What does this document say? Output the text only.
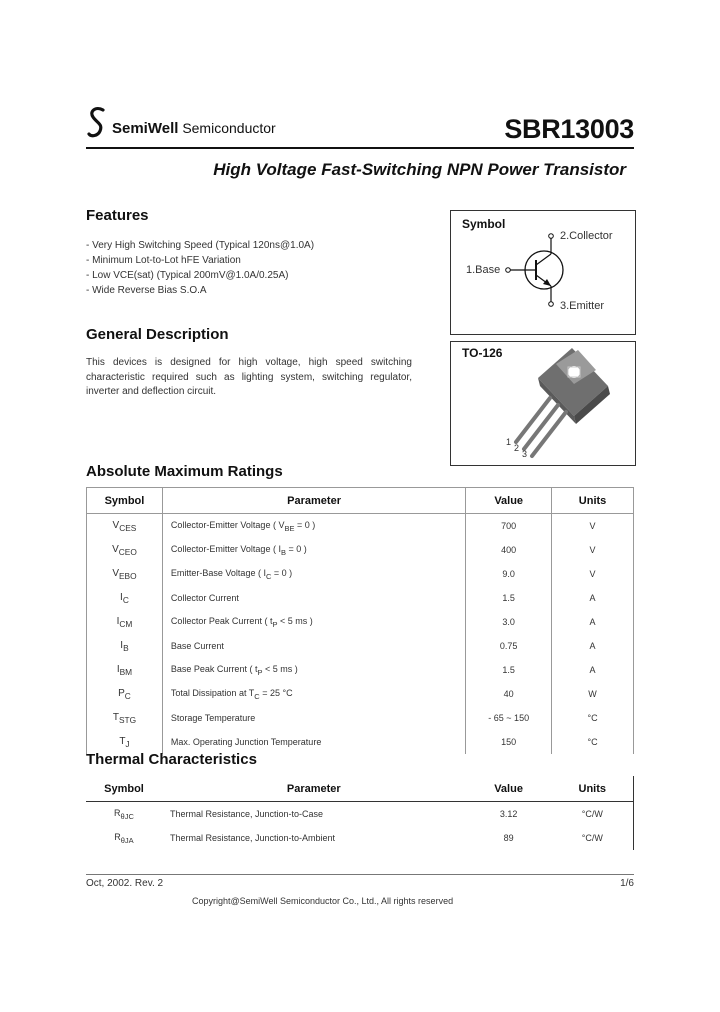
SemiWell Semiconductor	SBR13003
High Voltage Fast-Switching NPN Power Transistor
Features
- Very High Switching Speed (Typical 120ns@1.0A)
- Minimum Lot-to-Lot hFE Variation
- Low VCE(sat) (Typical 200mV@1.0A/0.25A)
- Wide Reverse Bias S.O.A
General Description
This devices is designed for high voltage, high speed switching characteristic required such as lighting system, switching regulator, inverter and deflection circuit.
Symbol
2.Collector
1.Base
3.Emitter
TO-126
1
2
3
Absolute Maximum Ratings
Symbol	Parameter	Value	Units
$V_{CES}$	Collector-Emitter Voltage ( $V_{BE} = 0$ )	700	V
$V_{CEO}$	Collector-Emitter Voltage ( $I_B = 0$ )	400	V
$V_{EBO}$	Emitter-Base Voltage ( $I_C = 0$ )	9.0	V
$I_C$	Collector Current	1.5	A
$I_{CM}$	Collector Peak Current ( $t_P < 5$ ms )	3.0	A
$I_B$	Base Current	0.75	A
$I_{BM}$	Base Peak Current ( $t_P < 5$ ms )	1.5	A
$P_C$	Total Dissipation at $T_C = 25$ °C	40	W
$T_{STG}$	Storage Temperature	- 65 ~ 150	°C
$T_J$	Max. Operating Junction Temperature	150	°C
Thermal Characteristics
Symbol	Parameter	Value	Units
$R_{\theta JC}$	Thermal Resistance, Junction-to-Case	3.12	°C/W
$R_{\theta JA}$	Thermal Resistance, Junction-to-Ambient	89	°C/W
Oct, 2002. Rev. 2	1/6
Copyright@SemiWell Semiconductor Co., Ltd., All rights reserved
